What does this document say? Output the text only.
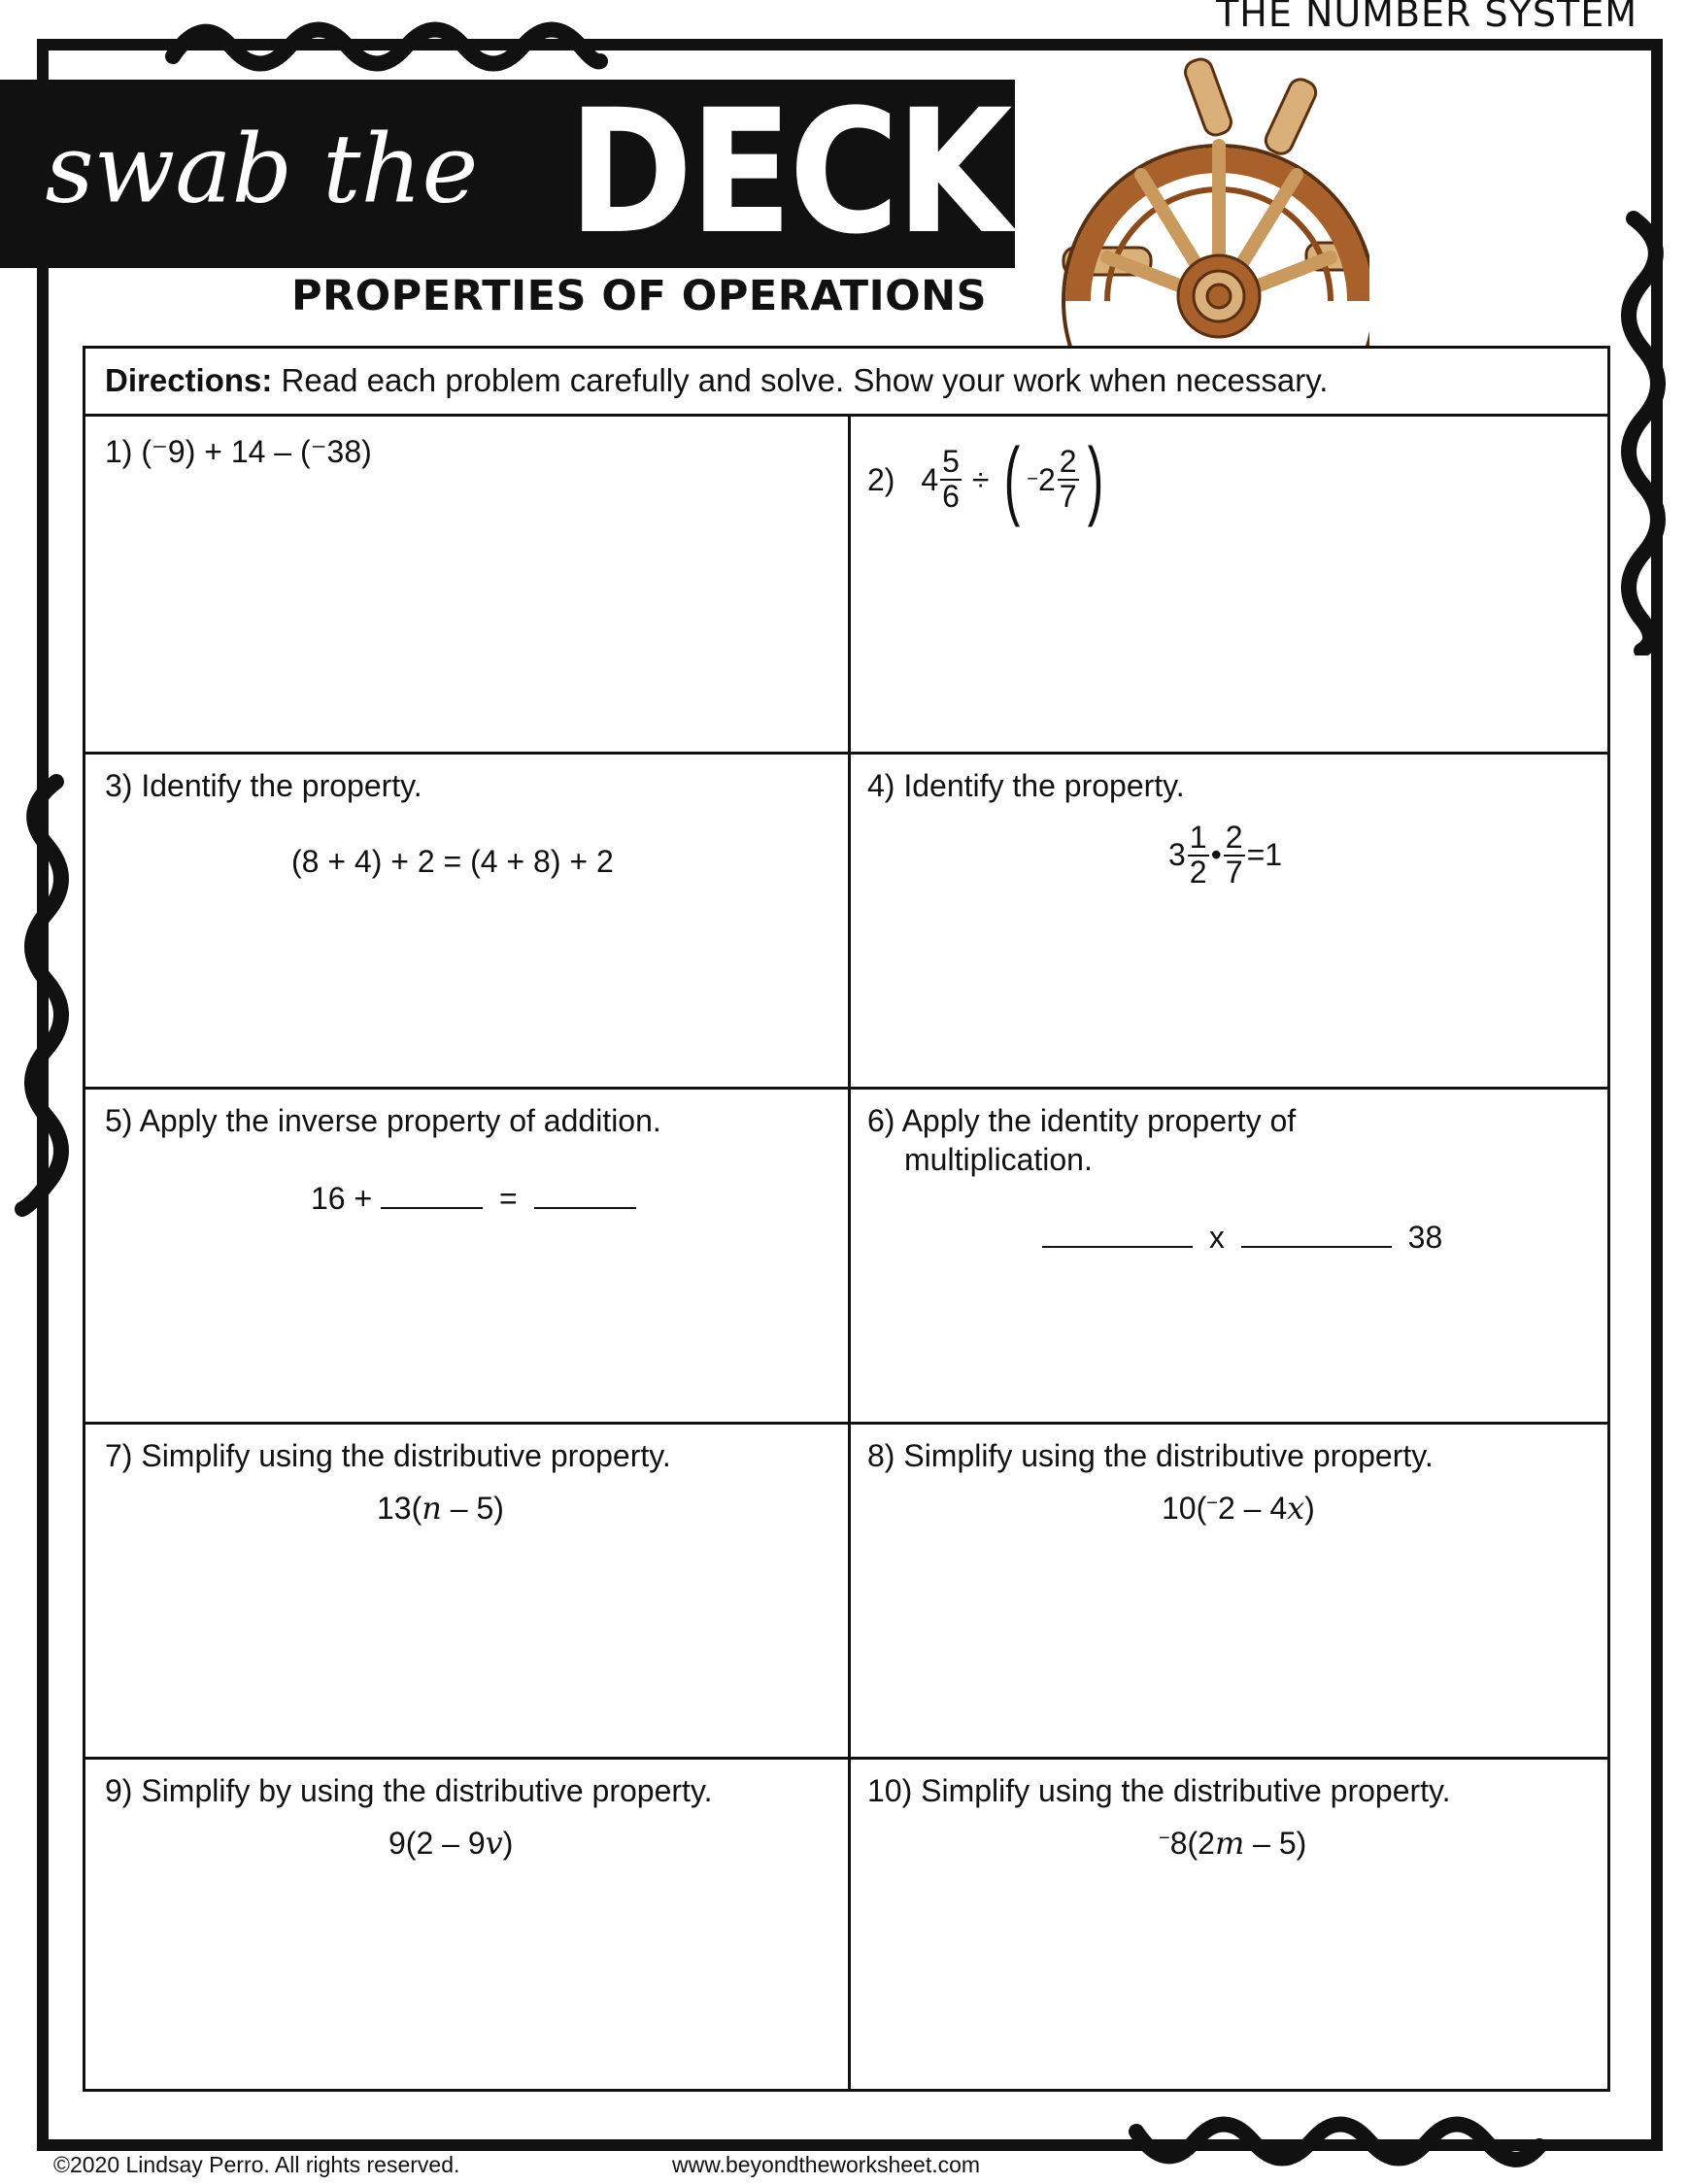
THE NUMBER SYSTEM
swab the DECK
PROPERTIES OF OPERATIONS
Directions: Read each problem carefully and solve. Show your work when necessary.
1) (⁻9) + 14 – (⁻38)
2) $4 \frac{5}{6}$ ÷ ( $-2 \frac{2}{7}$ )
3) Identify the property.
(8 + 4) + 2 = (4 + 8) + 2
4) Identify the property.
$3 \frac{1}{2}$ • $\frac{2}{7} =1$
5) Apply the inverse property of addition.
16 +	=
6) Apply the identity property of
multiplication.
x	38
7) Simplify using the distributive property.
13(n – 5)
8) Simplify using the distributive property.
10(−2 – 4x)
9) Simplify by using the distributive property.
9(2 – 9v)
10) Simplify using the distributive property.
−8(2m – 5)
©2020 Lindsay Perro. All rights reserved.	www.beyondtheworksheet.com
